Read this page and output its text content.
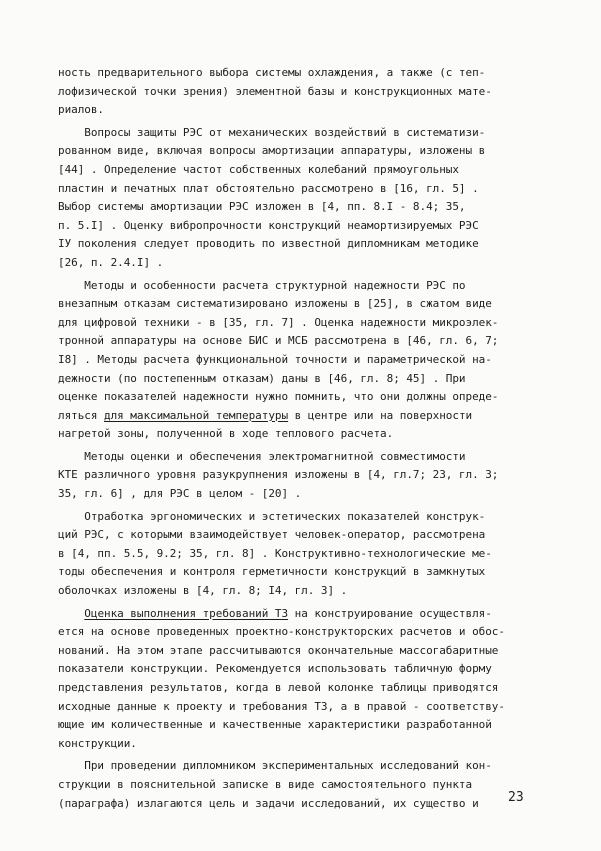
ность предварительного выбора системы охлаждения, а также (с теп-
лофизической точки зрения) элементной базы и конструкционных мате-
риалов.
Вопросы защиты РЭС от механических воздействий в систематизи-
рованном виде, включая вопросы амортизации аппаратуры, изложены в
[44] . Определение частот собственных колебаний прямоугольных
пластин и печатных плат обстоятельно рассмотрено в [16, гл. 5] .
Выбор системы амортизации РЭС изложен в [4, пп. 8.I - 8.4; 35,
п. 5.I] . Оценку вибропрочности конструкций неамортизируемых РЭС
IУ поколения следует проводить по известной дипломникам методике
[26, п. 2.4.I] .
Методы и особенности расчета структурной надежности РЭС по
внезапным отказам систематизировано изложены в [25], в сжатом виде
для цифровой техники - в [35, гл. 7] . Оценка надежности микроэлек-
тронной аппаратуры на основе БИС и МСБ рассмотрена в [46, гл. 6, 7;
I8] . Методы расчета функциональной точности и параметрической на-
дежности (по постепенным отказам) даны в [46, гл. 8; 45] . При
оценке показателей надежности нужно помнить, что они должны опреде-
ляться для максимальной температуры в центре или на поверхности
нагретой зоны, полученной в ходе теплового расчета.
Методы оценки и обеспечения электромагнитной совместимости
КТЕ различного уровня разукрупнения изложены в [4, гл.7; 23, гл. 3;
35, гл. 6] , для РЭС в целом - [20] .
Отработка эргономических и эстетических показателей конструк-
ций РЭС, с которыми взаимодействует человек-оператор, рассмотрена
в [4, пп. 5.5, 9.2; 35, гл. 8] . Конструктивно-технологические ме-
тоды обеспечения и контроля герметичности конструкций в замкнутых
оболочках изложены в [4, гл. 8; I4, гл. 3] .
Оценка выполнения требований ТЗ на конструирование осуществля-
ется на основе проведенных проектно-конструкторских расчетов и обос-
нований. На этом этапе рассчитываются окончательные массогабаритные
показатели конструкции. Рекомендуется использовать табличную форму
представления результатов, когда в левой колонке таблицы приводятся
исходные данные к проекту и требования ТЗ, а в правой - соответству-
ющие им количественные и качественные характеристики разработанной
конструкции.
При проведении дипломником экспериментальных исследований кон-
струкции в пояснительной записке в виде самостоятельного пункта
(параграфа) излагаются цель и задачи исследований, их существо и	23
